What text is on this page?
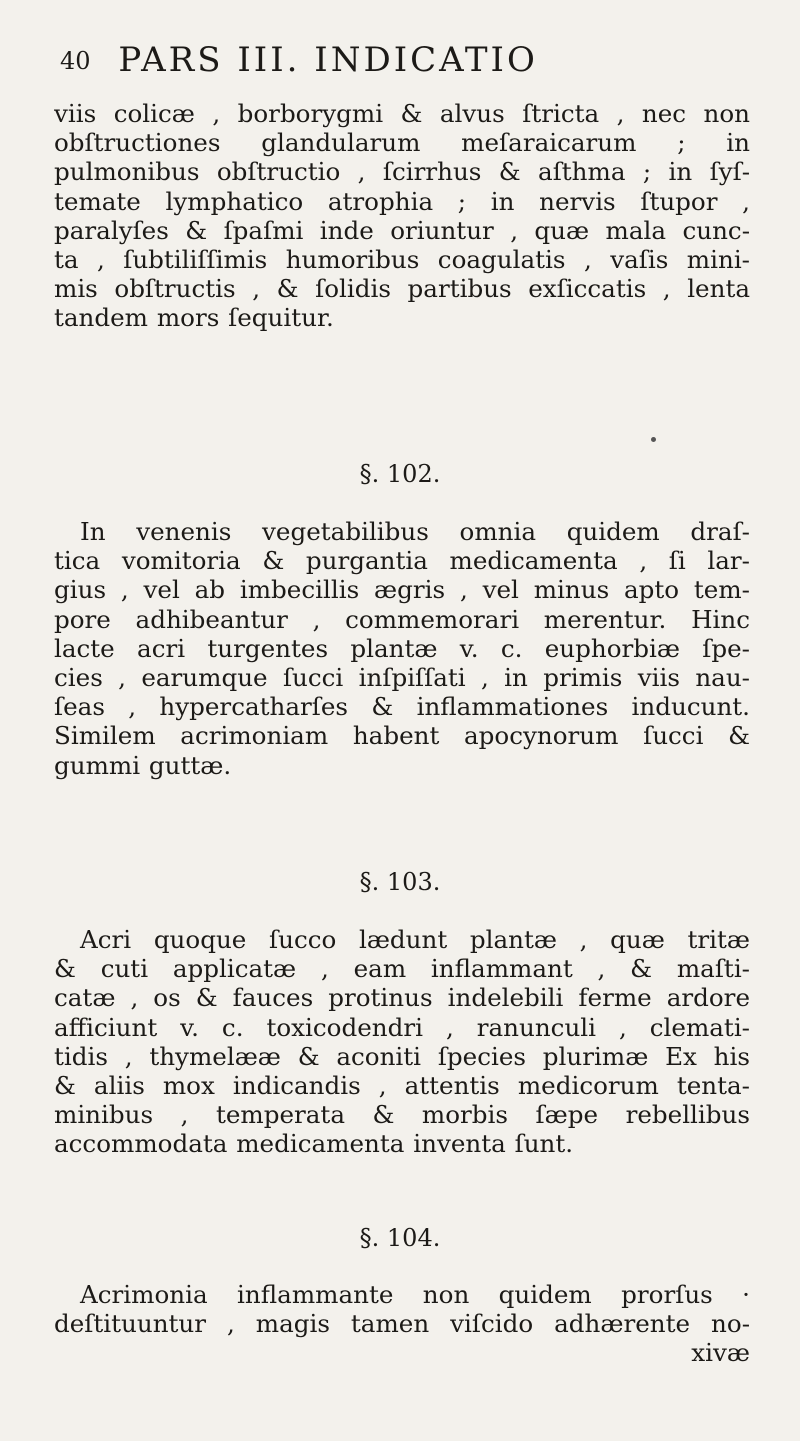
40 PARS III. INDICATIO
viis colicæ , borborygmi & alvus ſtricta , nec non
obſtructiones glandularum meſaraicarum ; in
pulmonibus obſtructio , ſcirrhus & aſthma ; in ſyſ-
temate lymphatico atrophia ; in nervis ſtupor ,
paralyſes & ſpaſmi inde oriuntur , quæ mala cunc-
ta , ſubtiliſſimis humoribus coagulatis , vaſis mini-
mis obſtructis , & ſolidis partibus exſiccatis , lenta
tandem mors ſequitur.
§. 102.
In venenis vegetabilibus omnia quidem draſ-
tica vomitoria & purgantia medicamenta , ſi lar-
gius , vel ab imbecillis ægris , vel minus apto tem-
pore adhibeantur , commemorari merentur. Hinc
lacte acri turgentes plantæ v. c. euphorbiæ ſpe-
cies , earumque ſucci inſpiſſati , in primis viis nau-
ſeas , hypercatharſes & inflammationes inducunt.
Similem acrimoniam habent apocynorum ſucci &
gummi guttæ.
§. 103.
Acri quoque ſucco lædunt plantæ , quæ tritæ
& cuti applicatæ , eam inflammant , & maſti-
catæ , os & fauces protinus indelebili ferme ardore
afficiunt v. c. toxicodendri , ranunculi , clemati-
tidis , thymelææ & aconiti ſpecies plurimæ Ex his
& aliis mox indicandis , attentis medicorum tenta-
minibus , temperata & morbis ſæpe rebellibus
accommodata medicamenta inventa ſunt.
§. 104.
Acrimonia inflammante non quidem prorſus ·
deſtituuntur , magis tamen viſcido adhærente no-
xivæ
